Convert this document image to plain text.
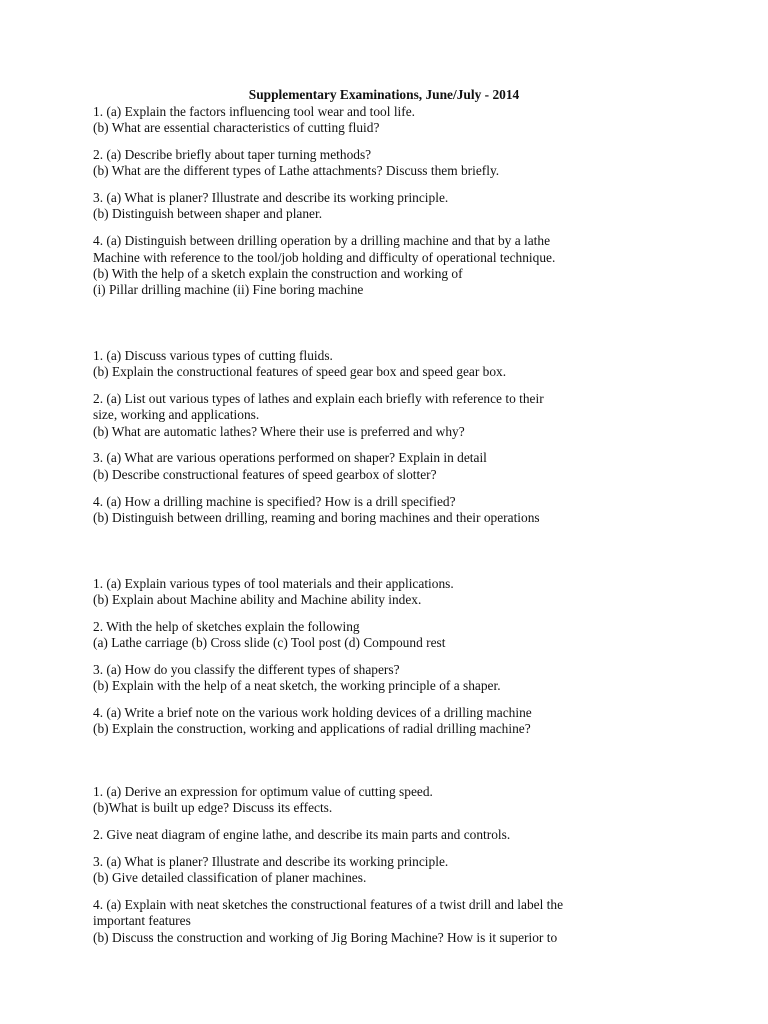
Supplementary Examinations, June/July - 2014
1. (a) Explain the factors influencing tool wear and tool life.
(b) What are essential characteristics of cutting fluid?
2. (a) Describe briefly about taper turning methods?
(b) What are the different types of Lathe attachments? Discuss them briefly.
3. (a) What is planer? Illustrate and describe its working principle.
(b) Distinguish between shaper and planer.
4. (a) Distinguish between drilling operation by a drilling machine and that by a lathe
Machine with reference to the tool/job holding and difficulty of operational technique.
(b) With the help of a sketch explain the construction and working of
(i) Pillar drilling machine (ii) Fine boring machine
1. (a) Discuss various types of cutting fluids.
(b) Explain the constructional features of speed gear box and speed gear box.
2. (a) List out various types of lathes and explain each briefly with reference to their
size, working and applications.
(b) What are automatic lathes? Where their use is preferred and why?
3. (a) What are various operations performed on shaper? Explain in detail
(b) Describe constructional features of speed gearbox of slotter?
4. (a) How a drilling machine is specified? How is a drill specified?
(b) Distinguish between drilling, reaming and boring machines and their operations
1. (a) Explain various types of tool materials and their applications.
(b) Explain about Machine ability and Machine ability index.
2. With the help of sketches explain the following
(a) Lathe carriage (b) Cross slide (c) Tool post (d) Compound rest
3. (a) How do you classify the different types of shapers?
(b) Explain with the help of a neat sketch, the working principle of a shaper.
4. (a) Write a brief note on the various work holding devices of a drilling machine
(b) Explain the construction, working and applications of radial drilling machine?
1. (a) Derive an expression for optimum value of cutting speed.
(b)What is built up edge? Discuss its effects.
2. Give neat diagram of engine lathe, and describe its main parts and controls.
3. (a) What is planer? Illustrate and describe its working principle.
(b) Give detailed classification of planer machines.
4. (a) Explain with neat sketches the constructional features of a twist drill and label the
important features
(b) Discuss the construction and working of Jig Boring Machine? How is it superior to
